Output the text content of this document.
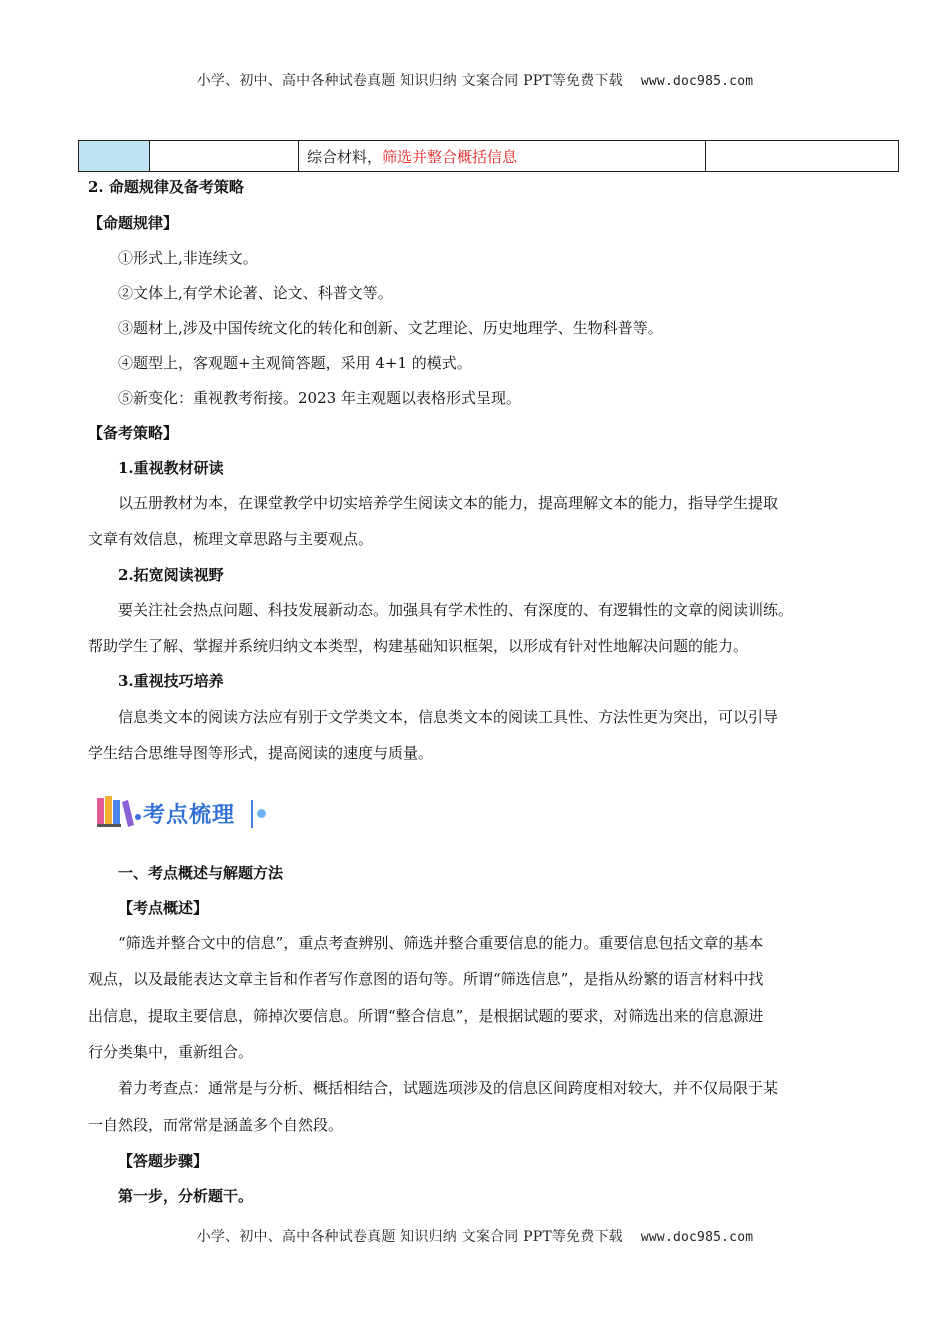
小学、初中、高中各种试卷真题 知识归纳 文案合同 PPT等免费下载 www.doc985.com
		综合材料，筛选并整合概括信息	
2. 命题规律及备考策略
【命题规律】
①形式上,非连续文。
②文体上,有学术论著、论文、科普文等。
③题材上,涉及中国传统文化的转化和创新、文艺理论、历史地理学、生物科普等。
④题型上，客观题+主观简答题，采用 4+1 的模式。
⑤新变化：重视教考衔接。2023 年主观题以表格形式呈现。
【备考策略】
1.重视教材研读
以五册教材为本，在课堂教学中切实培养学生阅读文本的能力，提高理解文本的能力，指导学生提取
文章有效信息，梳理文章思路与主要观点。
2.拓宽阅读视野
要关注社会热点问题、科技发展新动态。加强具有学术性的、有深度的、有逻辑性的文章的阅读训练。
帮助学生了解、掌握并系统归纳文本类型，构建基础知识框架，以形成有针对性地解决问题的能力。
3.重视技巧培养
信息类文本的阅读方法应有别于文学类文本，信息类文本的阅读工具性、方法性更为突出，可以引导
学生结合思维导图等形式，提高阅读的速度与质量。
考点梳理
一、考点概述与解题方法
【考点概述】
“筛选并整合文中的信息”，重点考查辨别、筛选并整合重要信息的能力。重要信息包括文章的基本
观点，以及最能表达文章主旨和作者写作意图的语句等。所谓“筛选信息”，是指从纷繁的语言材料中找
出信息，提取主要信息，筛掉次要信息。所谓“整合信息”，是根据试题的要求，对筛选出来的信息源进
行分类集中，重新组合。
着力考查点：通常是与分析、概括相结合，试题选项涉及的信息区间跨度相对较大，并不仅局限于某
一自然段，而常常是涵盖多个自然段。
【答题步骤】
第一步，分析题干。
小学、初中、高中各种试卷真题 知识归纳 文案合同 PPT等免费下载 www.doc985.com
